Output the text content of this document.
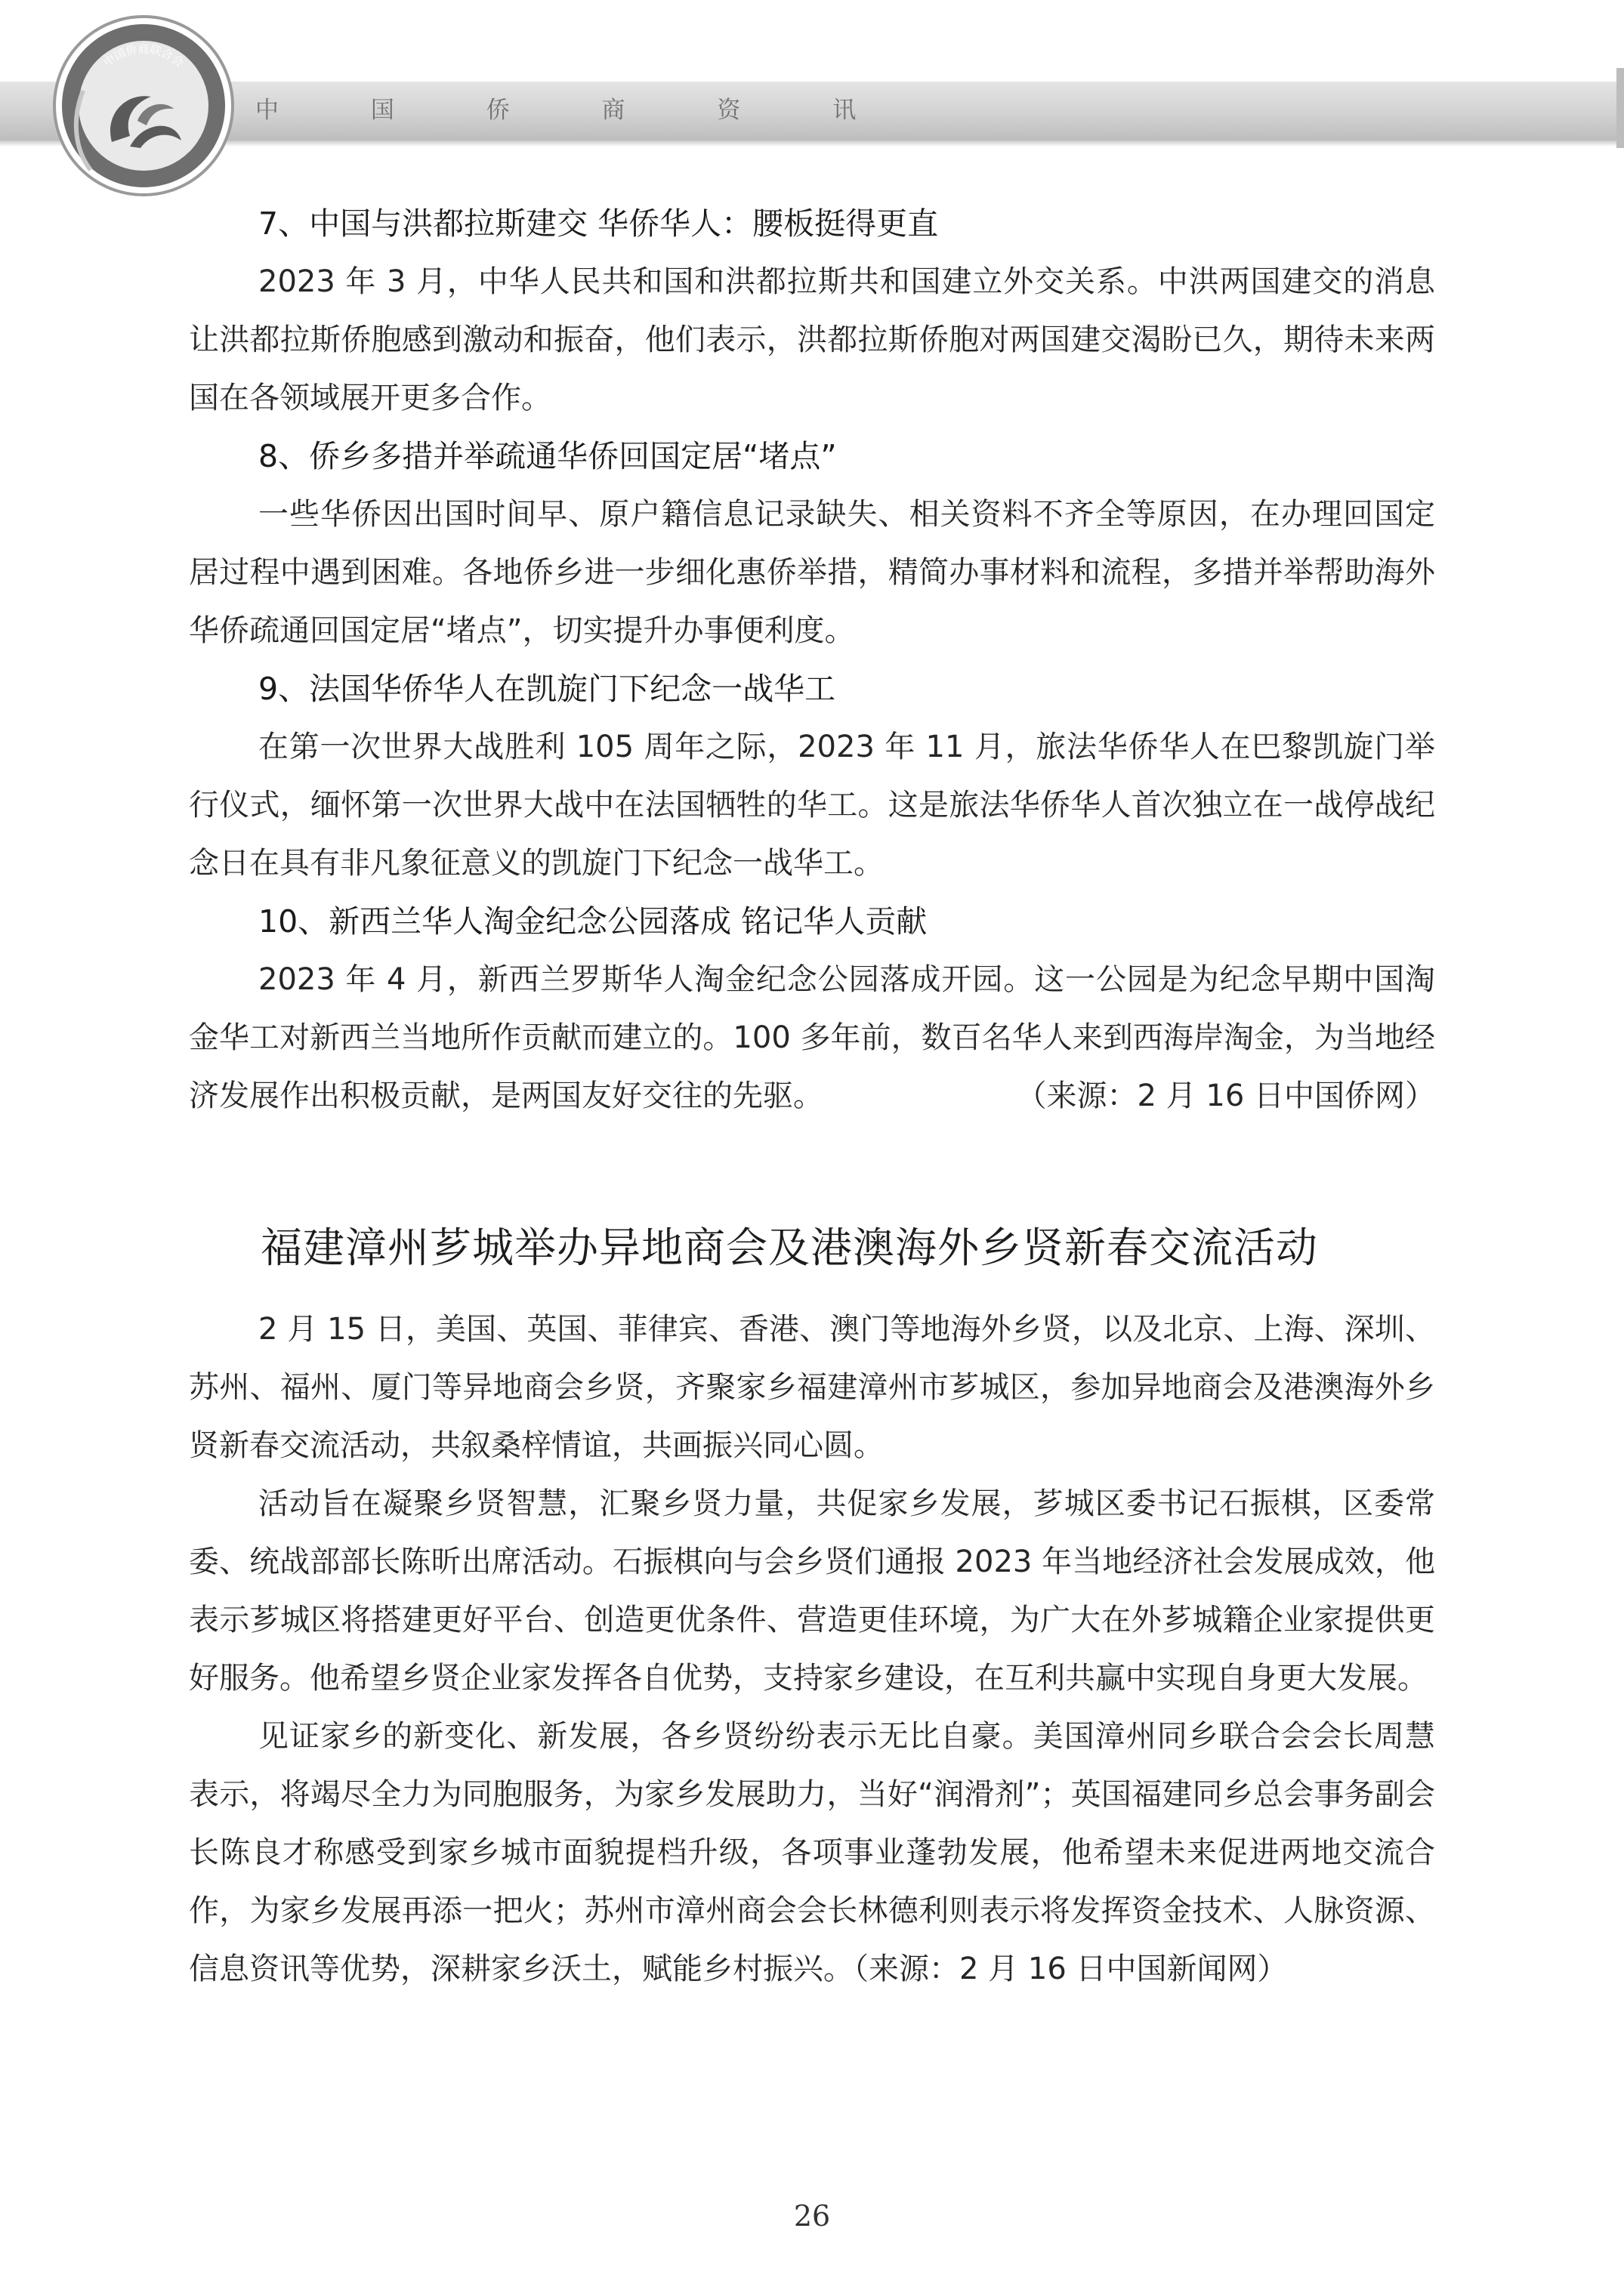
中 国 侨 商 资 讯
中国侨商联合会
7、中国与洪都拉斯建交 华侨华人：腰板挺得更直

2023 年 3 月，中华人民共和国和洪都拉斯共和国建立外交关系。中洪两国建交的消息让洪都拉斯侨胞感到激动和振奋，他们表示，洪都拉斯侨胞对两国建交渴盼已久，期待未来两国在各领域展开更多合作。

8、侨乡多措并举疏通华侨回国定居“堵点”

一些华侨因出国时间早、原户籍信息记录缺失、相关资料不齐全等原因，在办理回国定居过程中遇到困难。各地侨乡进一步细化惠侨举措，精简办事材料和流程，多措并举帮助海外华侨疏通回国定居“堵点”，切实提升办事便利度。

9、法国华侨华人在凯旋门下纪念一战华工

在第一次世界大战胜利 105 周年之际，2023 年 11 月，旅法华侨华人在巴黎凯旋门举行仪式，缅怀第一次世界大战中在法国牺牲的华工。这是旅法华侨华人首次独立在一战停战纪念日在具有非凡象征意义的凯旋门下纪念一战华工。

10、新西兰华人淘金纪念公园落成 铭记华人贡献

2023 年 4 月，新西兰罗斯华人淘金纪念公园落成开园。这一公园是为纪念早期中国淘金华工对新西兰当地所作贡献而建立的。100 多年前，数百名华人来到西海岸淘金，为当地经济发展作出积极贡献，是两国友好交往的先驱。	（来源：2 月 16 日中国侨网）

福建漳州芗城举办异地商会及港澳海外乡贤新春交流活动

2 月 15 日，美国、英国、菲律宾、香港、澳门等地海外乡贤，以及北京、上海、深圳、苏州、福州、厦门等异地商会乡贤，齐聚家乡福建漳州市芗城区，参加异地商会及港澳海外乡贤新春交流活动，共叙桑梓情谊，共画振兴同心圆。

活动旨在凝聚乡贤智慧，汇聚乡贤力量，共促家乡发展，芗城区委书记石振棋，区委常委、统战部部长陈昕出席活动。石振棋向与会乡贤们通报 2023 年当地经济社会发展成效，他表示芗城区将搭建更好平台、创造更优条件、营造更佳环境，为广大在外芗城籍企业家提供更好服务。他希望乡贤企业家发挥各自优势，支持家乡建设，在互利共赢中实现自身更大发展。

见证家乡的新变化、新发展，各乡贤纷纷表示无比自豪。美国漳州同乡联合会会长周慧表示，将竭尽全力为同胞服务，为家乡发展助力，当好“润滑剂”；英国福建同乡总会事务副会长陈良才称感受到家乡城市面貌提档升级，各项事业蓬勃发展，他希望未来促进两地交流合作，为家乡发展再添一把火；苏州市漳州商会会长林德利则表示将发挥资金技术、人脉资源、信息资讯等优势，深耕家乡沃土，赋能乡村振兴。（来源：2 月 16 日中国新闻网）

26
